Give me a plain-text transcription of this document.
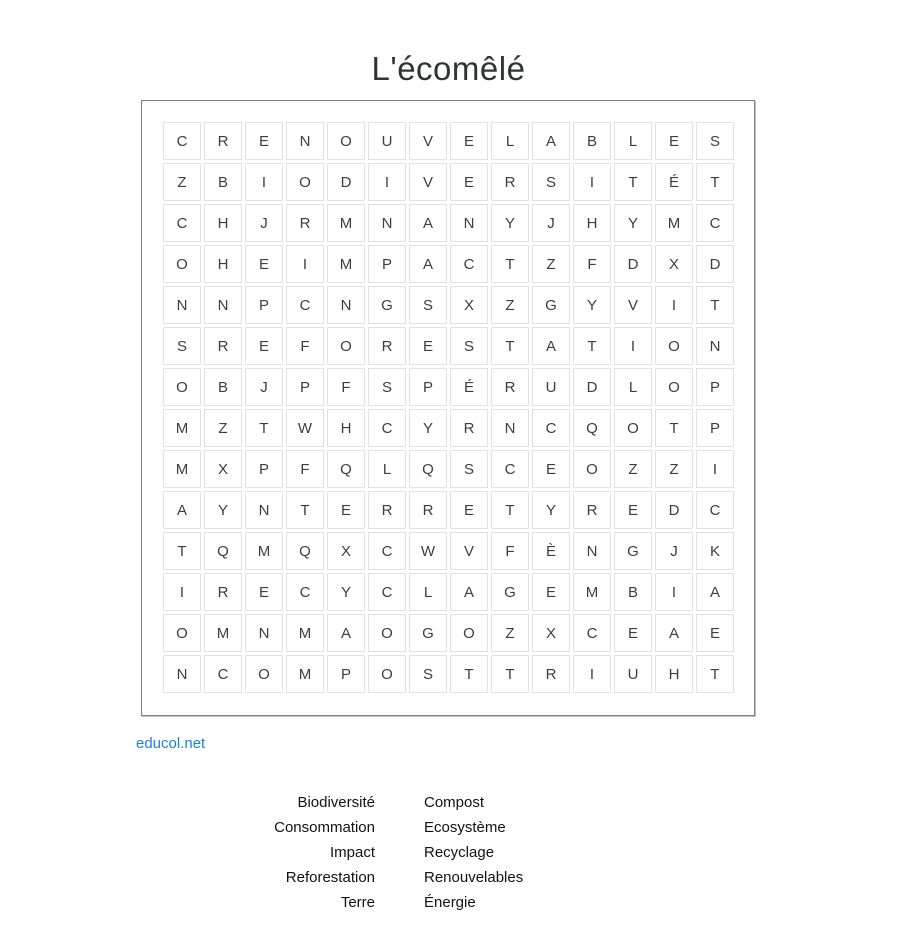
L'écomêlé
C	R	E	N	O	U	V	E	L	A	B	L	E	S
Z	B	I	O	D	I	V	E	R	S	I	T	É	T
C	H	J	R	M	N	A	N	Y	J	H	Y	M	C
O	H	E	I	M	P	A	C	T	Z	F	D	X	D
N	N	P	C	N	G	S	X	Z	G	Y	V	I	T
S	R	E	F	O	R	E	S	T	A	T	I	O	N
O	B	J	P	F	S	P	É	R	U	D	L	O	P
M	Z	T	W	H	C	Y	R	N	C	Q	O	T	P
M	X	P	F	Q	L	Q	S	C	E	O	Z	Z	I
A	Y	N	T	E	R	R	E	T	Y	R	E	D	C
T	Q	M	Q	X	C	W	V	F	È	N	G	J	K
I	R	E	C	Y	C	L	A	G	E	M	B	I	A
O	M	N	M	A	O	G	O	Z	X	C	E	A	E
N	C	O	M	P	O	S	T	T	R	I	U	H	T
educol.net
Biodiversité
Consommation
Impact
Reforestation
Terre
Compost
Ecosystème
Recyclage
Renouvelables
Énergie
